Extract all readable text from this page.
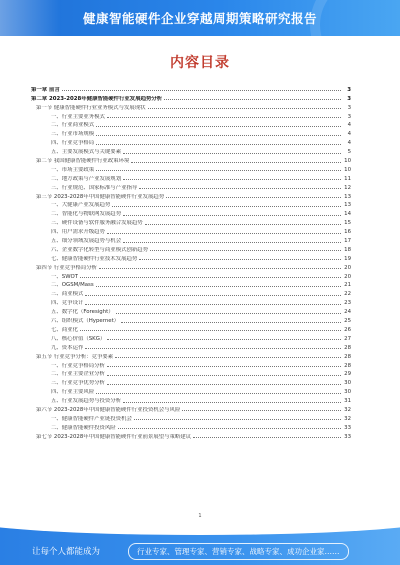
健康智能硬件企业穿越周期策略研究报告
内容目录
第一章 前言	3
第二章 2023-2028年健康智能硬件行业发展趋势分析	3
第一节 健康智能硬件行业业务模式与发展现状	3
一、行业主要业务模式	3
二、行业商业模式	4
三、行业市场规模	4
四、行业竞争格局	4
五、主要发展模式与关键要素	5
第二节 我国健康智能硬件行业政策环境	10
一、市场主要政策	10
二、地方政策与产业发展规划	11
三、行业规范、国家标准与产业指导	12
第三节 2023-2028年中国健康智能硬件行业发展趋势	13
一、大健康产业发展趋势	13
二、智能化与物联网发展趋势	14
三、硬件设备与软件服务融合发展趋势	15
四、用户需求升级趋势	16
五、细分领域发展趋势与机会	17
六、企业数字化转型与商业模式创新趋势	18
七、健康智能硬件行业技术发展趋势	19
第四节 行业竞争格局分析	20
一、SWOT	20
二、OGSM/Mass	21
三、商业模式	22
四、竞争设计	23
五、数字化（Foresight）	24
六、组织模式（Hypernet）	25
七、商业化	26
八、核心价值（SKG）	27
九、资本运作	28
第五节 行业竞争分析：竞争要素	28
一、行业竞争格局分析	28
二、行业主要企业分析	29
三、行业竞争优势分析	30
四、行业主要风险	30
五、行业发展趋势与投资分析	31
第六节 2023-2028年中国健康智能硬件行业投资机会与风险	32
一、健康智能硬件产业链投资机会	32
二、健康智能硬件投资风险	33
第七节 2023-2028年中国健康智能硬件行业前景展望与策略建议	33
1
让每个人都能成为	行业专家、管理专家、营销专家、战略专家、成功企业家……
